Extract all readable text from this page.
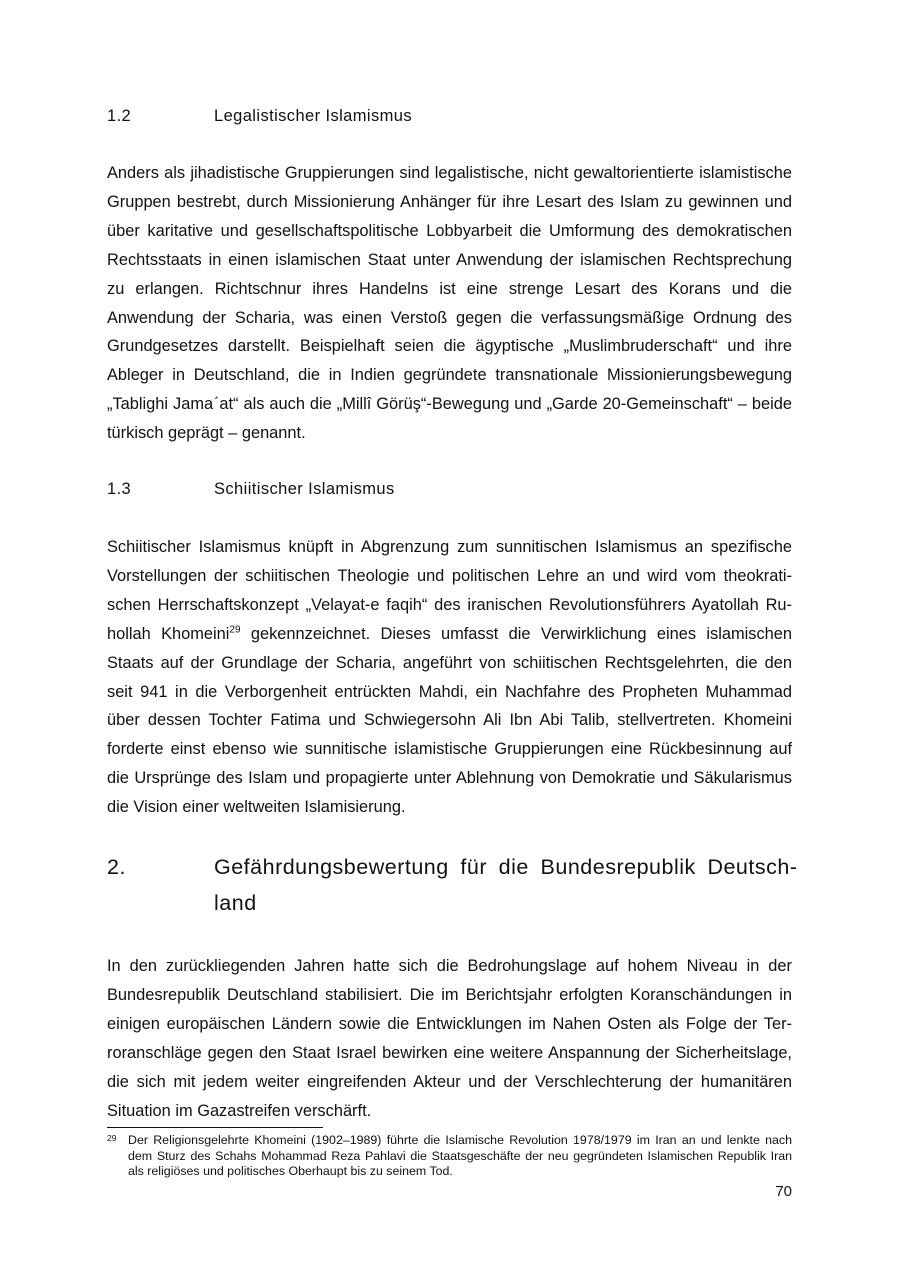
1.2	Legalistischer Islamismus

Anders als jihadistische Gruppierungen sind legalistische, nicht gewaltorientierte islamistische Gruppen bestrebt, durch Missionierung Anhänger für ihre Lesart des Islam zu gewinnen und über karitative und gesellschaftspolitische Lobbyarbeit die Umformung des demokratischen Rechtsstaats in einen islamischen Staat unter Anwendung der islamischen Rechtsprechung zu erlangen. Richtschnur ihres Handelns ist eine strenge Lesart des Korans und die Anwendung der Scharia, was einen Verstoß gegen die verfassungsmäßige Ordnung des Grundgesetzes darstellt. Beispielhaft seien die ägyptische „Muslimbruderschaft“ und ihre Ableger in Deutschland, die in Indien gegründete transnationale Missionierungsbewegung „Tablighi Jamaˊat“ als auch die „Millî Görüş“-Bewegung und „Garde 20-Gemeinschaft“ – beide türkisch geprägt – genannt.

1.3	Schiitischer Islamismus

Schiitischer Islamismus knüpft in Abgrenzung zum sunnitischen Islamismus an spezifische Vorstellungen der schiitischen Theologie und politischen Lehre an und wird vom theokratischen Herrschaftskonzept „Velayat-e faqih“ des iranischen Revolutionsführers Ayatollah Ruhollah Khomeini$^{29}$ gekennzeichnet. Dieses umfasst die Verwirklichung eines islamischen Staats auf der Grundlage der Scharia, angeführt von schiitischen Rechtsgelehrten, die den seit 941 in die Verborgenheit entrückten Mahdi, ein Nachfahre des Propheten Muhammad über dessen Tochter Fatima und Schwiegersohn Ali Ibn Abi Talib, stellvertreten. Khomeini forderte einst ebenso wie sunnitische islamistische Gruppierungen eine Rückbesinnung auf die Ursprünge des Islam und propagierte unter Ablehnung von Demokratie und Säkularismus die Vision einer weltweiten Islamisierung.

2.	Gefährdungsbewertung für die Bundesrepublik Deutschland

In den zurückliegenden Jahren hatte sich die Bedrohungslage auf hohem Niveau in der Bundesrepublik Deutschland stabilisiert. Die im Berichtsjahr erfolgten Koranschändungen in einigen europäischen Ländern sowie die Entwicklungen im Nahen Osten als Folge der Terroranschläge gegen den Staat Israel bewirken eine weitere Anspannung der Sicherheitslage, die sich mit jedem weiter eingreifenden Akteur und der Verschlechterung der humanitären Situation im Gazastreifen verschärft.

29 Der Religionsgelehrte Khomeini (1902–1989) führte die Islamische Revolution 1978/1979 im Iran an und lenkte nach dem Sturz des Schahs Mohammad Reza Pahlavi die Staatsgeschäfte der neu gegründeten Islamischen Republik Iran als religiöses und politisches Oberhaupt bis zu seinem Tod.
70
